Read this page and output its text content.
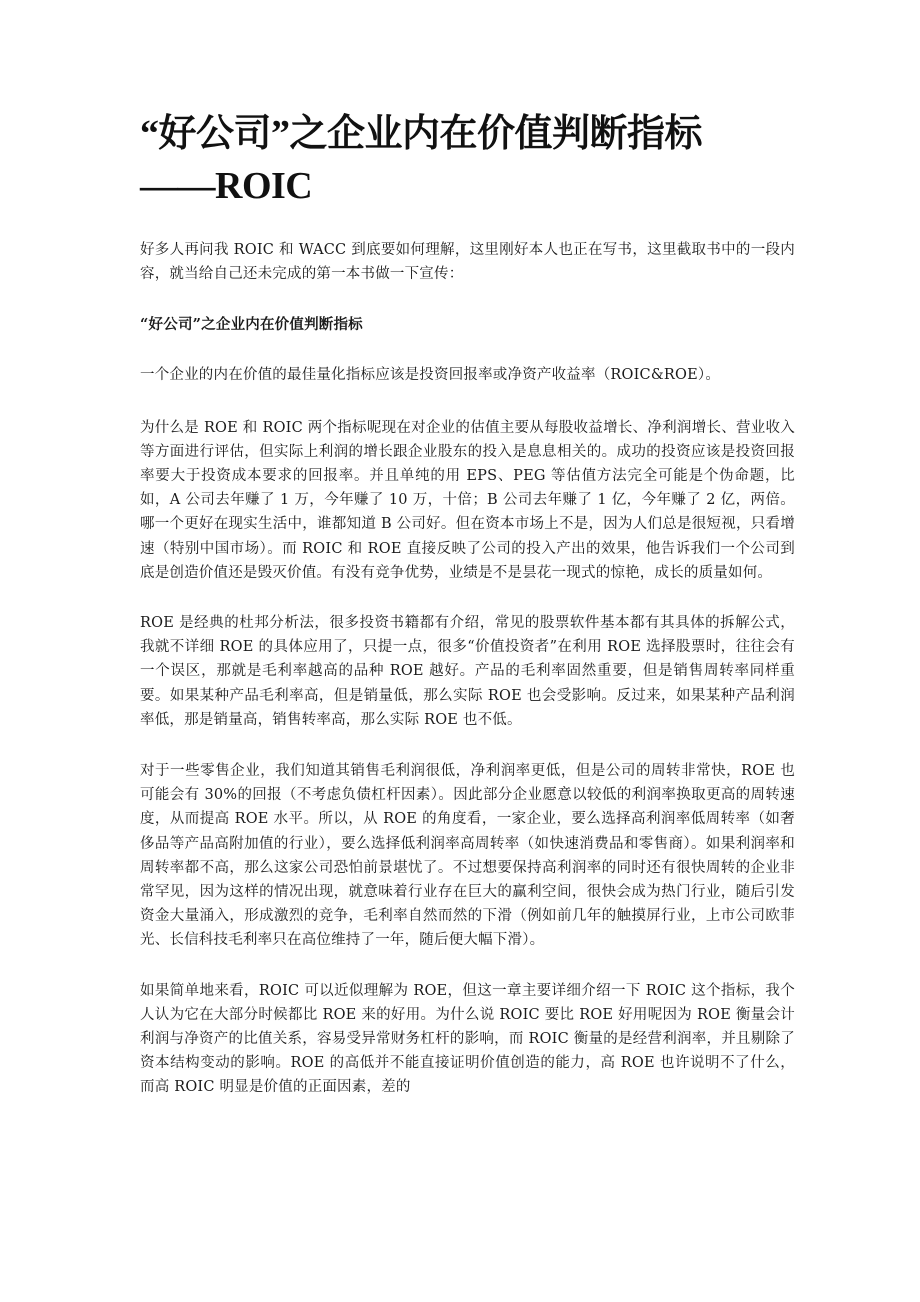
“好公司”之企业内在价值判断指标
——ROIC

好多人再问我 ROIC 和 WACC 到底要如何理解，这里刚好本人也正在写书，这里截取书中的一段内容，就当给自己还未完成的第一本书做一下宣传：

“好公司”之企业内在价值判断指标

一个企业的内在价值的最佳量化指标应该是投资回报率或净资产收益率（ROIC&ROE）。

为什么是 ROE 和 ROIC 两个指标呢现在对企业的估值主要从每股收益增长、净利润增长、营业收入等方面进行评估，但实际上利润的增长跟企业股东的投入是息息相关的。成功的投资应该是投资回报率要大于投资成本要求的回报率。并且单纯的用 EPS、PEG 等估值方法完全可能是个伪命题，比如，A 公司去年赚了 1 万，今年赚了 10 万，十倍；B 公司去年赚了 1 亿，今年赚了 2 亿，两倍。哪一个更好在现实生活中，谁都知道 B 公司好。但在资本市场上不是，因为人们总是很短视，只看增速（特别中国市场）。而 ROIC 和 ROE 直接反映了公司的投入产出的效果，他告诉我们一个公司到底是创造价值还是毁灭价值。有没有竞争优势，业绩是不是昙花一现式的惊艳，成长的质量如何。

ROE 是经典的杜邦分析法，很多投资书籍都有介绍，常见的股票软件基本都有其具体的拆解公式，我就不详细 ROE 的具体应用了，只提一点，很多“价值投资者”在利用 ROE 选择股票时，往往会有一个误区，那就是毛利率越高的品种 ROE 越好。产品的毛利率固然重要，但是销售周转率同样重要。如果某种产品毛利率高，但是销量低，那么实际 ROE 也会受影响。反过来，如果某种产品利润率低，那是销量高，销售转率高，那么实际 ROE 也不低。

对于一些零售企业，我们知道其销售毛利润很低，净利润率更低，但是公司的周转非常快，ROE 也可能会有 30%的回报（不考虑负债杠杆因素）。因此部分企业愿意以较低的利润率换取更高的周转速度，从而提高 ROE 水平。所以，从 ROE 的角度看，一家企业，要么选择高利润率低周转率（如奢侈品等产品高附加值的行业），要么选择低利润率高周转率（如快速消费品和零售商）。如果利润率和周转率都不高，那么这家公司恐怕前景堪忧了。不过想要保持高利润率的同时还有很快周转的企业非常罕见，因为这样的情况出现，就意味着行业存在巨大的赢利空间，很快会成为热门行业，随后引发资金大量涌入，形成激烈的竞争，毛利率自然而然的下滑（例如前几年的触摸屏行业，上市公司欧菲光、长信科技毛利率只在高位维持了一年，随后便大幅下滑）。

如果简单地来看，ROIC 可以近似理解为 ROE，但这一章主要详细介绍一下 ROIC 这个指标，我个人认为它在大部分时候都比 ROE 来的好用。为什么说 ROIC 要比 ROE 好用呢因为 ROE 衡量会计利润与净资产的比值关系，容易受异常财务杠杆的影响，而 ROIC 衡量的是经营利润率，并且剔除了资本结构变动的影响。ROE 的高低并不能直接证明价值创造的能力，高 ROE 也许说明不了什么，而高 ROIC 明显是价值的正面因素，差的
